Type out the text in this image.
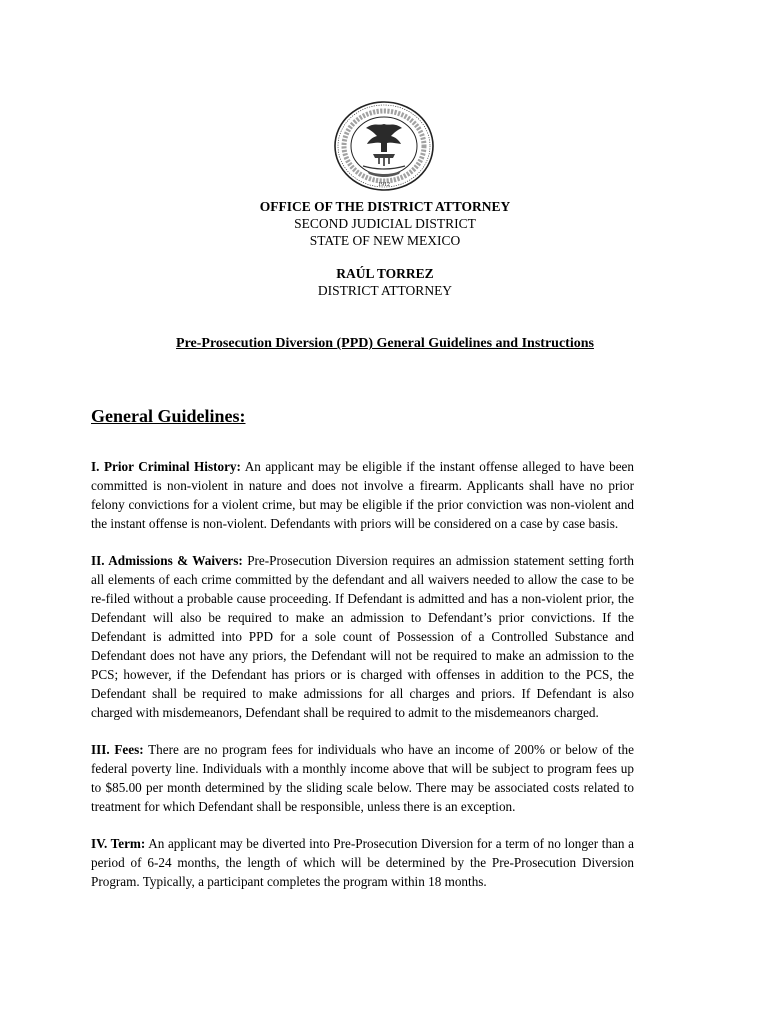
1912
OFFICE OF THE DISTRICT ATTORNEY
SECOND JUDICIAL DISTRICT
STATE OF NEW MEXICO
RAÚL TORREZ
DISTRICT ATTORNEY
Pre-Prosecution Diversion (PPD) General Guidelines and Instructions
General Guidelines:

I. Prior Criminal History: An applicant may be eligible if the instant offense alleged to have been committed is non-violent in nature and does not involve a firearm. Applicants shall have no prior felony convictions for a violent crime, but may be eligible if the prior conviction was non-violent and the instant offense is non-violent. Defendants with priors will be considered on a case by case basis.

II. Admissions & Waivers: Pre-Prosecution Diversion requires an admission statement setting forth all elements of each crime committed by the defendant and all waivers needed to allow the case to be re-filed without a probable cause proceeding. If Defendant is admitted and has a non-violent prior, the Defendant will also be required to make an admission to Defendant’s prior convictions. If the Defendant is admitted into PPD for a sole count of Possession of a Controlled Substance and Defendant does not have any priors, the Defendant will not be required to make an admission to the PCS; however, if the Defendant has priors or is charged with offenses in addition to the PCS, the Defendant shall be required to make admissions for all charges and priors. If Defendant is also charged with misdemeanors, Defendant shall be required to admit to the misdemeanors charged.

III. Fees: There are no program fees for individuals who have an income of 200% or below of the federal poverty line. Individuals with a monthly income above that will be subject to program fees up to $85.00 per month determined by the sliding scale below. There may be associated costs related to treatment for which Defendant shall be responsible, unless there is an exception.

IV. Term: An applicant may be diverted into Pre-Prosecution Diversion for a term of no longer than a period of 6-24 months, the length of which will be determined by the Pre-Prosecution Diversion Program. Typically, a participant completes the program within 18 months.
